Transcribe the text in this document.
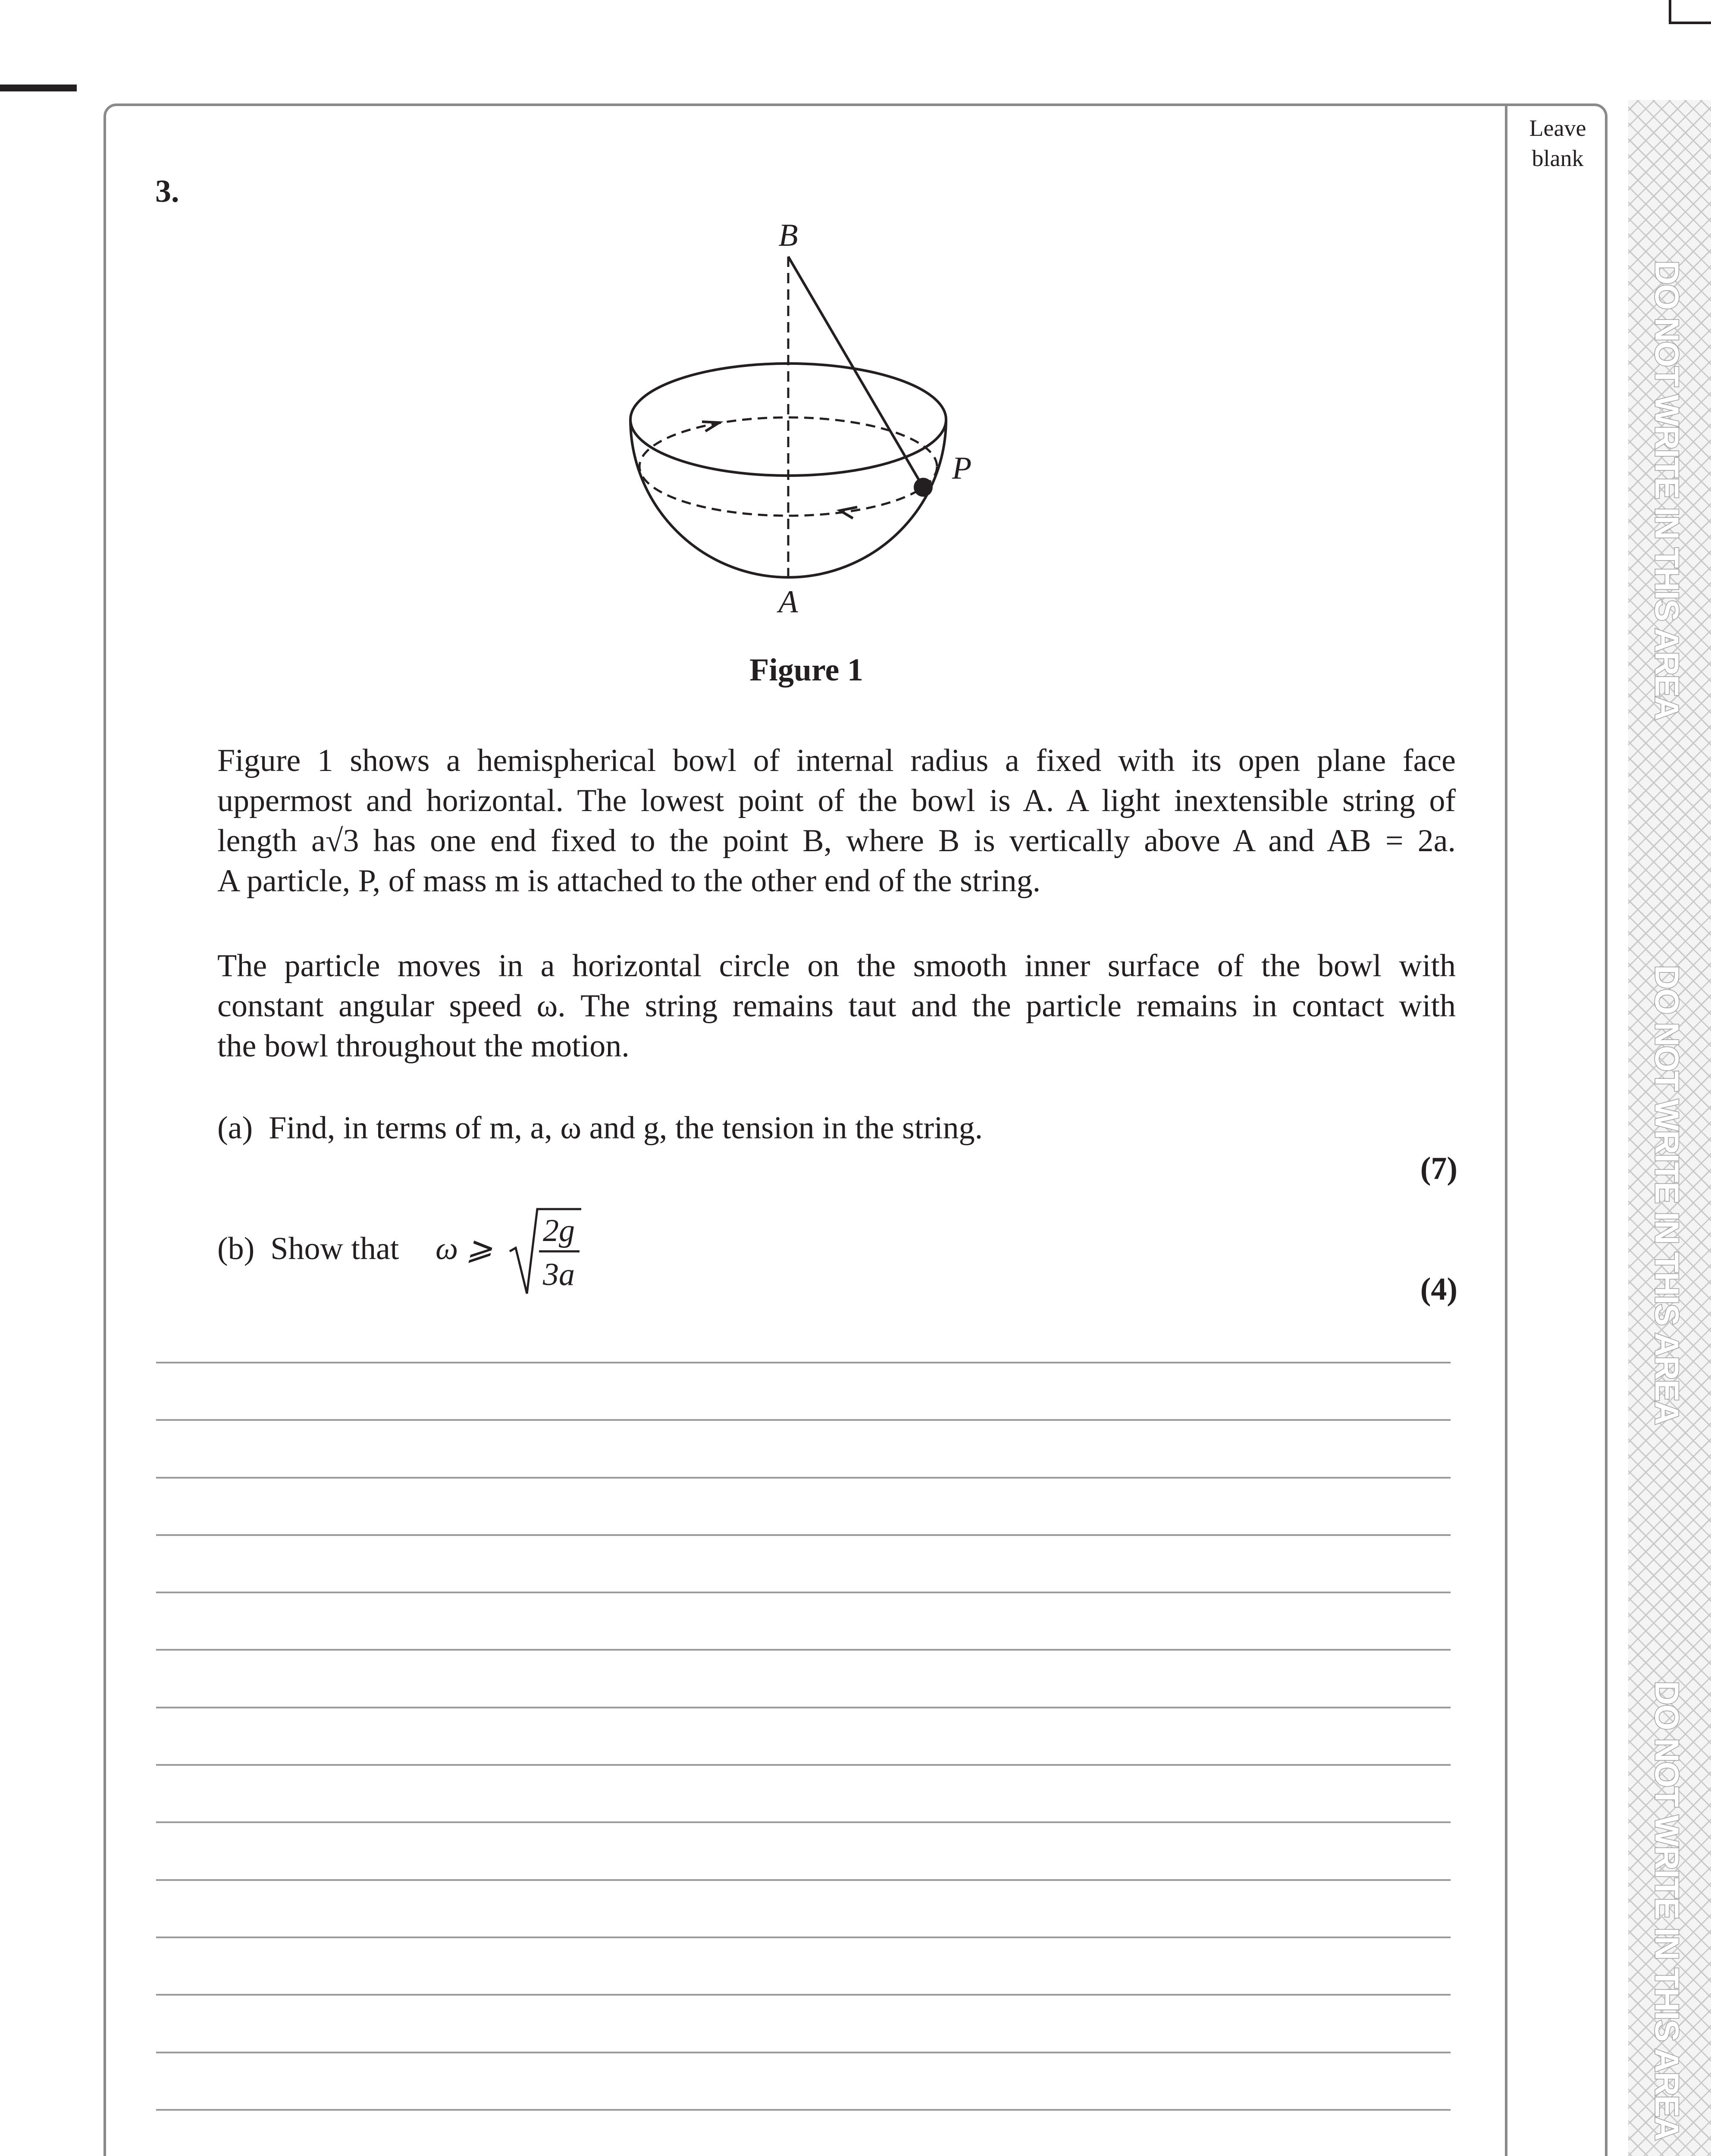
Leave
blank
DO NOT WRITE IN THIS AREA
DO NOT WRITE IN THIS AREA
DO NOT WRITE IN THIS AREA
3.
B
A
P
Figure 1
Figure 1 shows a hemispherical bowl of internal radius a fixed with its open plane face
uppermost and horizontal. The lowest point of the bowl is A. A light inextensible string of
length a√3 has one end fixed to the point B, where B is vertically above A and AB = 2a.
A particle, P, of mass m is attached to the other end of the string.
The particle moves in a horizontal circle on the smooth inner surface of the bowl with
constant angular speed ω. The string remains taut and the particle remains in contact with
the bowl throughout the motion.
(a) Find, in terms of m, a, ω and g, the tension in the string.
(7)
(b) Show that ω ⩾
2g
3a	(4)
